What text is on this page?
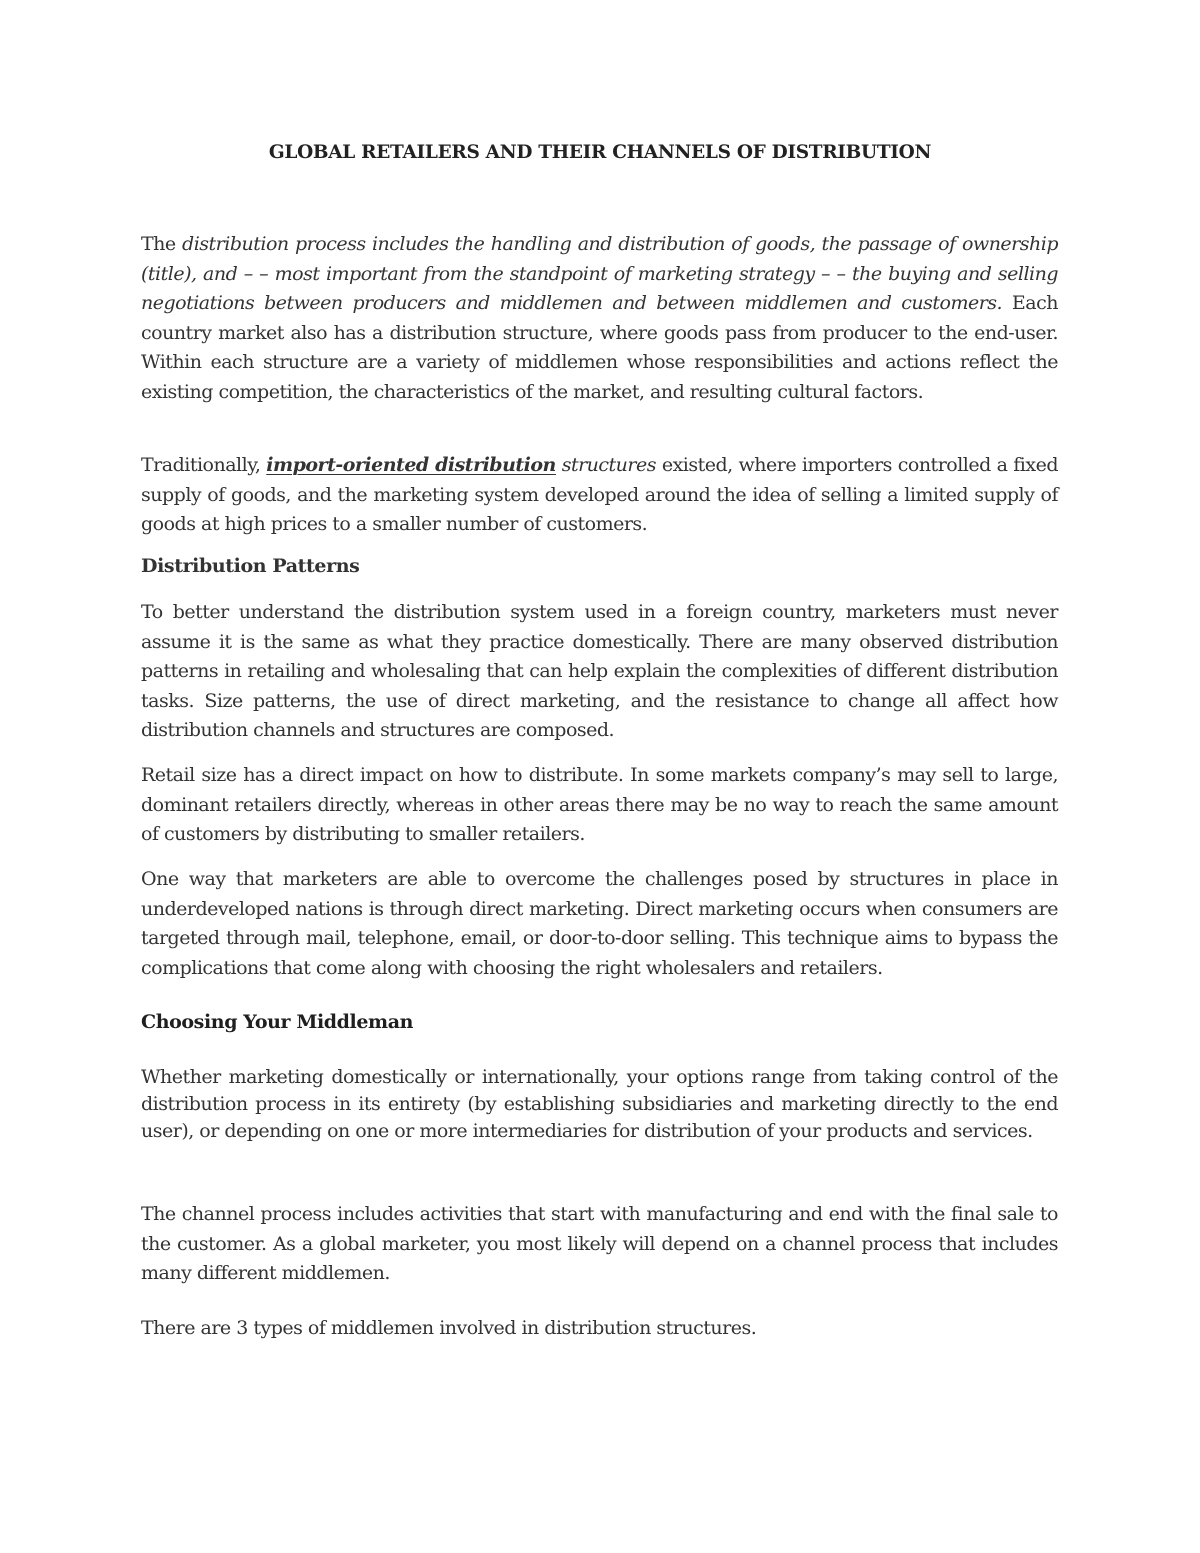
GLOBAL RETAILERS AND THEIR CHANNELS OF DISTRIBUTION

The distribution process includes the handling and distribution of goods, the passage of ownership (title), and – – most important from the standpoint of marketing strategy – – the buying and selling negotiations between producers and middlemen and between middlemen and customers. Each country market also has a distribution structure, where goods pass from producer to the end-user. Within each structure are a variety of middlemen whose responsibilities and actions reflect the existing competition, the characteristics of the market, and resulting cultural factors.

Traditionally, import-oriented distribution structures existed, where importers controlled a fixed supply of goods, and the marketing system developed around the idea of selling a limited supply of goods at high prices to a smaller number of customers.

Distribution Patterns

To better understand the distribution system used in a foreign country, marketers must never assume it is the same as what they practice domestically. There are many observed distribution patterns in retailing and wholesaling that can help explain the complexities of different distribution tasks. Size patterns, the use of direct marketing, and the resistance to change all affect how distribution channels and structures are composed.

Retail size has a direct impact on how to distribute. In some markets company’s may sell to large, dominant retailers directly, whereas in other areas there may be no way to reach the same amount of customers by distributing to smaller retailers.

One way that marketers are able to overcome the challenges posed by structures in place in underdeveloped nations is through direct marketing. Direct marketing occurs when consumers are targeted through mail, telephone, email, or door-to-door selling. This technique aims to bypass the complications that come along with choosing the right wholesalers and retailers.

Choosing Your Middleman

Whether marketing domestically or internationally, your options range from taking control of the distribution process in its entirety (by establishing subsidiaries and marketing directly to the end user), or depending on one or more intermediaries for distribution of your products and services.

The channel process includes activities that start with manufacturing and end with the final sale to the customer. As a global marketer, you most likely will depend on a channel process that includes many different middlemen.

There are 3 types of middlemen involved in distribution structures.
